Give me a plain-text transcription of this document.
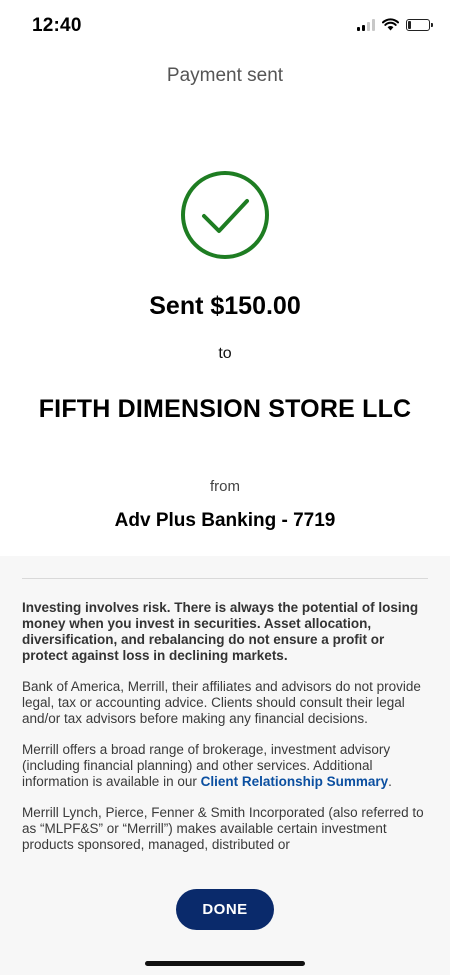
12:40
Payment sent
Sent $150.00
to
FIFTH DIMENSION STORE LLC
from
Adv Plus Banking - 7719

Investing involves risk. There is always the potential of losing money when you invest in securities. Asset allocation, diversification, and rebalancing do not ensure a profit or protect against loss in declining markets.

Bank of America, Merrill, their affiliates and advisors do not provide legal, tax or accounting advice. Clients should consult their legal and/or tax advisors before making any financial decisions.

Merrill offers a broad range of brokerage, investment advisory (including financial planning) and other services. Additional information is available in our Client Relationship Summary.

Merrill Lynch, Pierce, Fenner & Smith Incorporated (also referred to as “MLPF&S” or “Merrill”) makes available certain investment products sponsored, managed, distributed or

DONE
